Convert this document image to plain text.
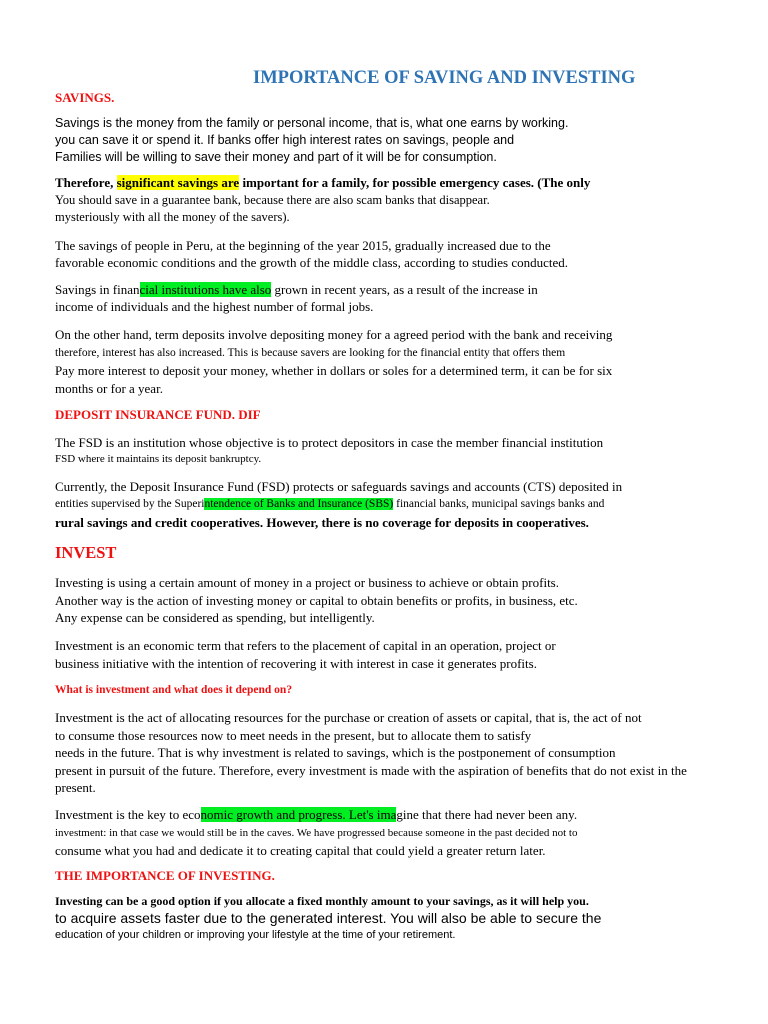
IMPORTANCE OF SAVING AND INVESTING
SAVINGS.
Savings is the money from the family or personal income, that is, what one earns by working.
you can save it or spend it. If banks offer high interest rates on savings, people and
Families will be willing to save their money and part of it will be for consumption.
Therefore, significant savings are important for a family, for possible emergency cases. (The only
You should save in a guarantee bank, because there are also scam banks that disappear.
mysteriously with all the money of the savers).
The savings of people in Peru, at the beginning of the year 2015, gradually increased due to the
favorable economic conditions and the growth of the middle class, according to studies conducted.
Savings in financial institutions have also grown in recent years, as a result of the increase in
income of individuals and the highest number of formal jobs.
On the other hand, term deposits involve depositing money for a agreed period with the bank and receiving
therefore, interest has also increased. This is because savers are looking for the financial entity that offers them
Pay more interest to deposit your money, whether in dollars or soles for a determined term, it can be for six
months or for a year.
DEPOSIT INSURANCE FUND. DIF
The FSD is an institution whose objective is to protect depositors in case the member financial institution
FSD where it maintains its deposit bankruptcy.
Currently, the Deposit Insurance Fund (FSD) protects or safeguards savings and accounts (CTS) deposited in
entities supervised by the Superintendence of Banks and Insurance (SBS) financial banks, municipal savings banks and
rural savings and credit cooperatives. However, there is no coverage for deposits in cooperatives.
INVEST
Investing is using a certain amount of money in a project or business to achieve or obtain profits.
Another way is the action of investing money or capital to obtain benefits or profits, in business, etc.
Any expense can be considered as spending, but intelligently.
Investment is an economic term that refers to the placement of capital in an operation, project or
business initiative with the intention of recovering it with interest in case it generates profits.
What is investment and what does it depend on?
Investment is the act of allocating resources for the purchase or creation of assets or capital, that is, the act of not
to consume those resources now to meet needs in the present, but to allocate them to satisfy
needs in the future. That is why investment is related to savings, which is the postponement of consumption
present in pursuit of the future. Therefore, every investment is made with the aspiration of benefits that do not exist in the
present.
Investment is the key to economic growth and progress. Let's imagine that there had never been any.
investment: in that case we would still be in the caves. We have progressed because someone in the past decided not to
consume what you had and dedicate it to creating capital that could yield a greater return later.
THE IMPORTANCE OF INVESTING.
Investing can be a good option if you allocate a fixed monthly amount to your savings, as it will help you.
to acquire assets faster due to the generated interest. You will also be able to secure the
education of your children or improving your lifestyle at the time of your retirement.
